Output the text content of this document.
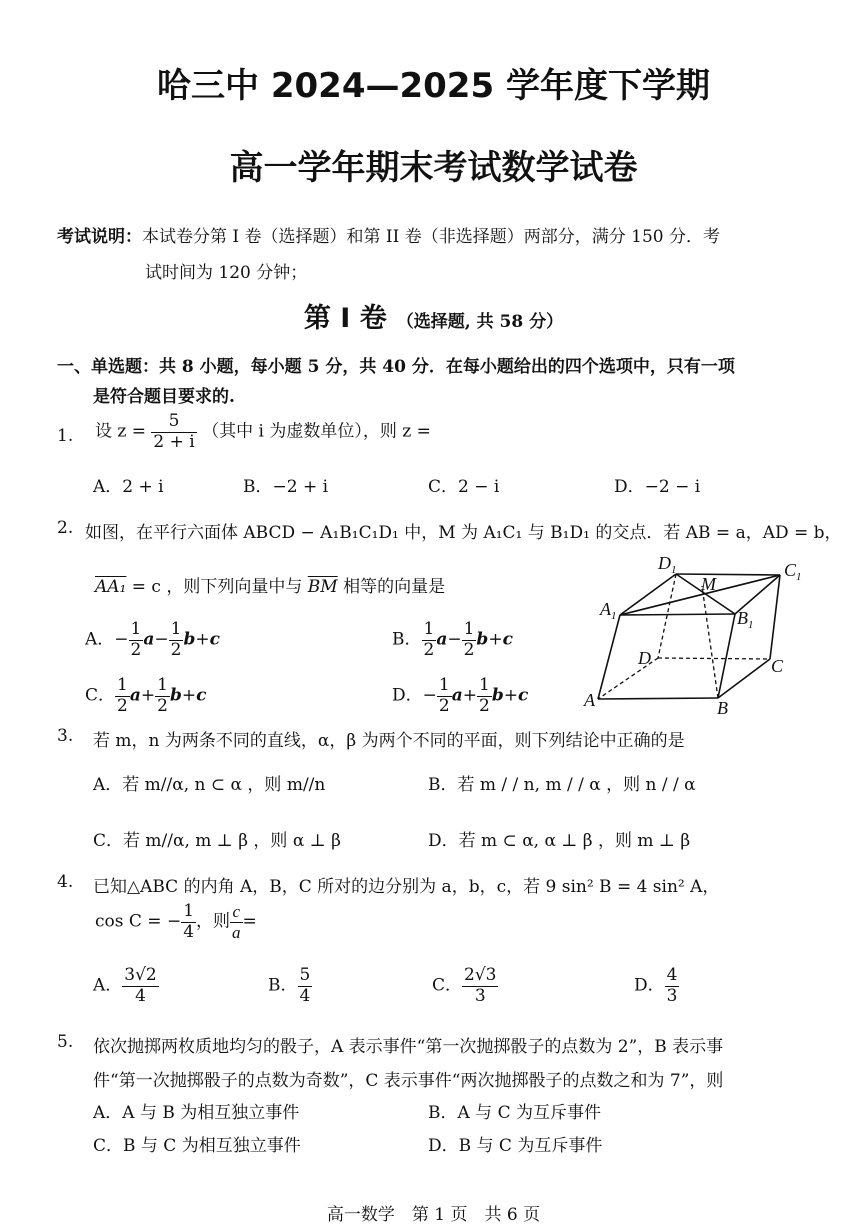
哈三中 2024—2025 学年度下学期
高一学年期末考试数学试卷
考试说明：本试卷分第 I 卷（选择题）和第 II 卷（非选择题）两部分，满分 150 分．考
试时间为 120 分钟；
第 I 卷 （选择题, 共 58 分）
一、单选题：共 8 小题，每小题 5 分，共 40 分．在每小题给出的四个选项中，只有一项
是符合题目要求的.
1. 设 $z = \frac{5}{2 + i}$ （其中 i 为虚数单位），则 z =
A．2 + i	B．−2 + i	C．2 − i	D．−2 − i
2. 如图，在平行六面体 ABCD − A₁B₁C₁D₁ 中，M 为 A₁C₁ 与 B₁D₁ 的交点．若 AB = a，AD = b，
AA₁ = c ，则下列向量中与 $\overline{BM}$ 相等的向量是
A．− $\frac{1}{2} a- \frac{1}{2} b+c$	B． $\frac{1}{2} a- \frac{1}{2} b+c$
C． $\frac{1}{2} a+ \frac{1}{2} b+c$	D．− $\frac{1}{2} a+ \frac{1}{2} b+c$
$D_1$	$C_1$
$A_1$	$B_1$
M
D	C
A	B
3. 若 m，n 为两条不同的直线，α，β 为两个不同的平面，则下列结论中正确的是
A．若 m//α, n ⊂ α ，则 m//n	B．若 m / / n, m / / α ，则 n / / α
C．若 m//α, m ⊥ β ，则 α ⊥ β	D．若 m ⊂ α, α ⊥ β ，则 m ⊥ β
4. 已知△ABC 的内角 A，B，C 所对的边分别为 a，b，c，若 9 sin² B = 4 sin² A，
cos C = − $\frac{1}{4}$ ，则 $\frac{c}{a}$ =
A． $\frac{3√2}{4}$	B． $\frac{5}{4}$	C． $\frac{2√3}{3}$	D． $\frac{4}{3}$
5. 依次抛掷两枚质地均匀的骰子，A 表示事件“第一次抛掷骰子的点数为 2”，B 表示事
件“第一次抛掷骰子的点数为奇数”，C 表示事件“两次抛掷骰子的点数之和为 7”，则
A．A 与 B 为相互独立事件	B．A 与 C 为互斥事件
C．B 与 C 为相互独立事件	D．B 与 C 为互斥事件
高一数学　第 1 页　共 6 页
